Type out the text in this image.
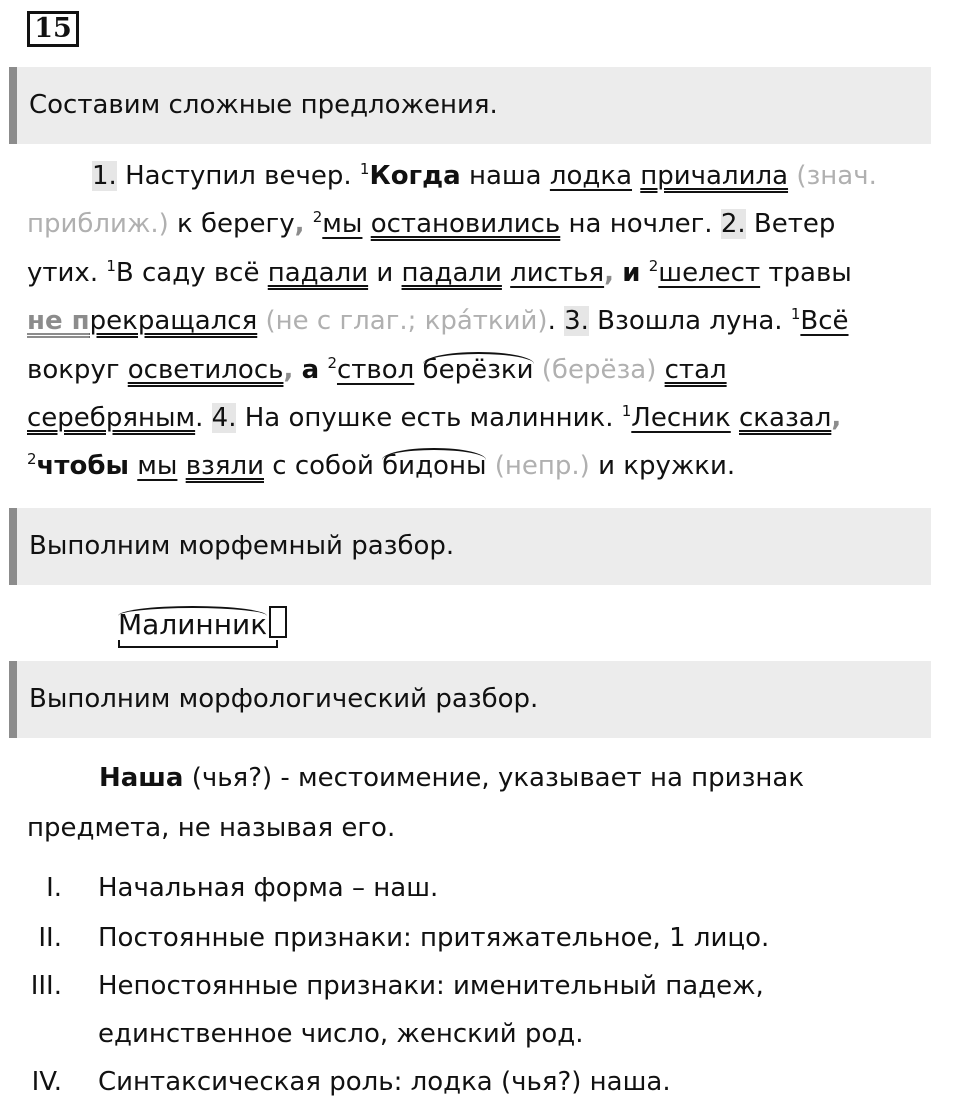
15
Составим сложные предложения.
1. Наступил вечер. $^1$Когда наша лодка причалила (знач.
приближ.) к берегу, $^2$мы остановились на ночлег. 2. Ветер
утих. $^1$В саду всё падали и падали листья, и $^2$шелест травы
не прекращался (не с глаг.; кра́ткий). 3. Взошла луна. $^1$Всё
вокруг осветилось, а $^2$ствол берёзки (берёза) стал
серебряным. 4. На опушке есть малинник. $^1$Лесник сказал,
$^2$чтобы мы взяли с собой бидоны (непр.) и кружки.
Выполним морфемный разбор.
Малинник
Выполним морфологический разбор.
Наша (чья?) - местоимение, указывает на признак
предмета, не называя его.
I. Начальная форма – наш.
II. Постоянные признаки: притяжательное, 1 лицо.
III. Непостоянные признаки: именительный падеж,
единственное число, женский род.
IV. Синтаксическая роль: лодка (чья?) наша.
